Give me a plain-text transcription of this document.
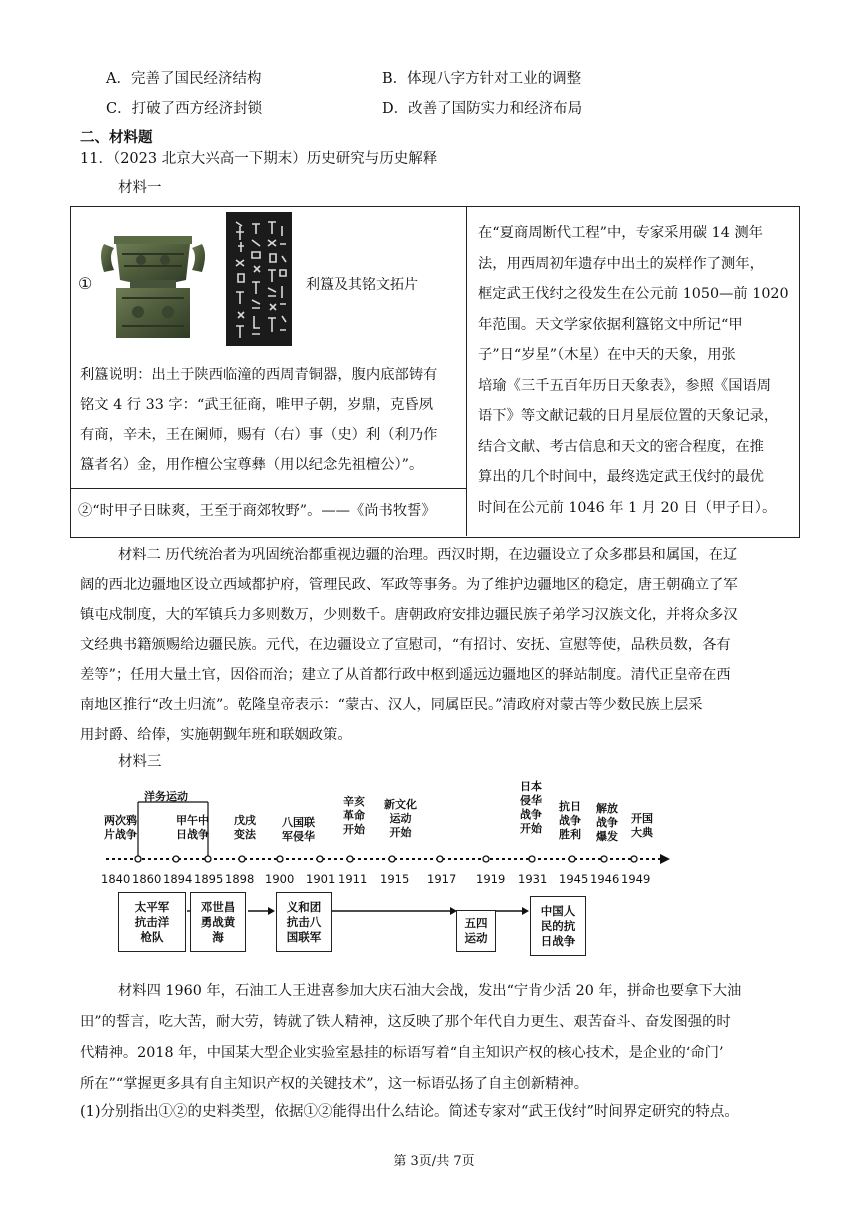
A．完善了国民经济结构	B．体现八字方针对工业的调整
C．打破了西方经济封锁	D．改善了国防实力和经济布局
二、材料题
11．（2023 北京大兴高一下期末）历史研究与历史解释
材料一
①	利簋及其铭文拓片
利簋说明：出土于陕西临潼的西周青铜器，腹内底部铸有
铭文 4 行 33 字：“武王征商，唯甲子朝，岁鼎，克昏夙
有商，辛未，王在阑师，赐有（右）事（史）利（利乃作
簋者名）金，用作檀公宝尊彝（用以纪念先祖檀公）”。
②“时甲子日昧爽，王至于商郊牧野”。——《尚书牧誓》
在“夏商周断代工程”中，专家采用碳 14 测年
法，用西周初年遗存中出土的炭样作了测年，
框定武王伐纣之役发生在公元前 1050—前 1020
年范围。天文学家依据利簋铭文中所记“甲
子”日“岁星”（木星）在中天的天象，用张
培瑜《三千五百年历日天象表》，参照《国语周
语下》等文献记载的日月星辰位置的天象记录，
结合文献、考古信息和天文的密合程度，在推
算出的几个时间中，最终选定武王伐纣的最优
时间在公元前 1046 年 1 月 20 日（甲子日）。
材料二 历代统治者为巩固统治都重视边疆的治理。西汉时期，在边疆设立了众多郡县和属国，在辽
阔的西北边疆地区设立西域都护府，管理民政、军政等事务。为了维护边疆地区的稳定，唐王朝确立了军
镇屯戍制度，大的军镇兵力多则数万，少则数千。唐朝政府安排边疆民族子弟学习汉族文化，并将众多汉
文经典书籍颁赐给边疆民族。元代，在边疆设立了宣慰司，“有招讨、安抚、宣慰等使，品秩员数，各有
差等”；任用大量土官，因俗而治；建立了从首都行政中枢到遥远边疆地区的驿站制度。清代正皇帝在西
南地区推行“改土归流”。乾隆皇帝表示：“蒙古、汉人，同属臣民。”清政府对蒙古等少数民族上层采
用封爵、给俸，实施朝觐年班和联姻政策。
材料三
洋务运动
两次鸦
片战争
甲午中
日战争
戊戌
变法
八国联
军侵华
辛亥
革命
开始
新文化
运动
开始
日本
侵华
战争
开始
抗日
战争
胜利
解放
战争
爆发
开国
大典
1840 1860 1894 1895 1898 1900 1901 1911 1915 1917 1919 1931 1945 1946 1949
太平军
抗击洋
枪队
邓世昌
勇战黄
海
义和团
抗击八
国联军
五四
运动
中国人
民的抗
日战争
材料四 1960 年，石油工人王进喜参加大庆石油大会战，发出“宁肯少活 20 年，拼命也要拿下大油
田”的誓言，吃大苦，耐大劳，铸就了铁人精神，这反映了那个年代自力更生、艰苦奋斗、奋发图强的时
代精神。2018 年，中国某大型企业实验室悬挂的标语写着“自主知识产权的核心技术，是企业的‘命门’
所在”“掌握更多具有自主知识产权的关键技术”，这一标语弘扬了自主创新精神。
(1)分别指出①②的史料类型，依据①②能得出什么结论。简述专家对“武王伐纣”时间界定研究的特点。
第 3页/共 7页
